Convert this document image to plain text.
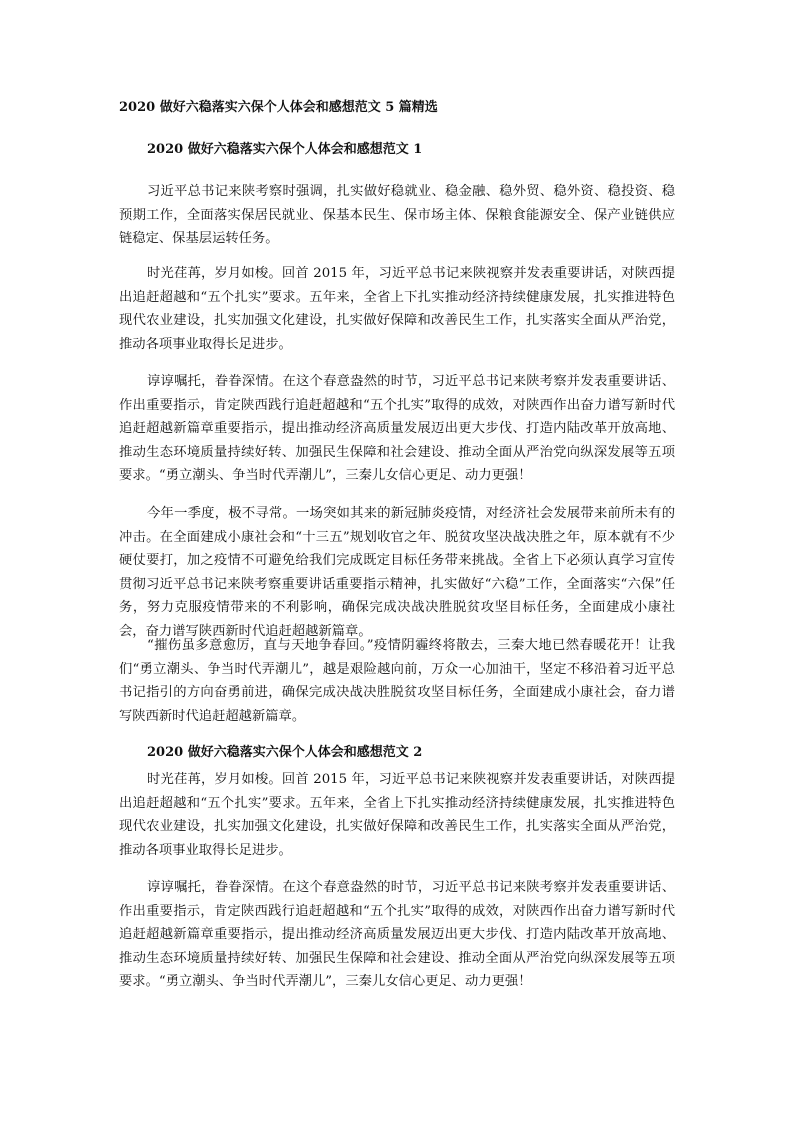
2020 做好六稳落实六保个人体会和感想范文 5 篇精选
2020 做好六稳落实六保个人体会和感想范文 1

习近平总书记来陕考察时强调，扎实做好稳就业、稳金融、稳外贸、稳外资、稳投资、稳预期工作，全面落实保居民就业、保基本民生、保市场主体、保粮食能源安全、保产业链供应链稳定、保基层运转任务。

时光荏苒，岁月如梭。回首 2015 年，习近平总书记来陕视察并发表重要讲话，对陕西提出追赶超越和“五个扎实”要求。五年来，全省上下扎实推动经济持续健康发展，扎实推进特色现代农业建设，扎实加强文化建设，扎实做好保障和改善民生工作，扎实落实全面从严治党，推动各项事业取得长足进步。

谆谆嘱托，眷眷深情。在这个春意盎然的时节，习近平总书记来陕考察并发表重要讲话、作出重要指示，肯定陕西践行追赶超越和“五个扎实”取得的成效，对陕西作出奋力谱写新时代追赶超越新篇章重要指示，提出推动经济高质量发展迈出更大步伐、打造内陆改革开放高地、推动生态环境质量持续好转、加强民生保障和社会建设、推动全面从严治党向纵深发展等五项要求。“勇立潮头、争当时代弄潮儿”，三秦儿女信心更足、动力更强！

今年一季度，极不寻常。一场突如其来的新冠肺炎疫情，对经济社会发展带来前所未有的冲击。在全面建成小康社会和“十三五”规划收官之年、脱贫攻坚决战决胜之年，原本就有不少硬仗要打，加之疫情不可避免给我们完成既定目标任务带来挑战。全省上下必须认真学习宣传贯彻习近平总书记来陕考察重要讲话重要指示精神，扎实做好“六稳”工作，全面落实“六保”任务，努力克服疫情带来的不利影响，确保完成决战决胜脱贫攻坚目标任务，全面建成小康社会，奋力谱写陕西新时代追赶超越新篇章。

“摧伤虽多意愈厉，直与天地争春回。”疫情阴霾终将散去，三秦大地已然春暖花开！让我们“勇立潮头、争当时代弄潮儿”，越是艰险越向前，万众一心加油干，坚定不移沿着习近平总书记指引的方向奋勇前进，确保完成决战决胜脱贫攻坚目标任务，全面建成小康社会，奋力谱写陕西新时代追赶超越新篇章。

2020 做好六稳落实六保个人体会和感想范文 2

时光荏苒，岁月如梭。回首 2015 年，习近平总书记来陕视察并发表重要讲话，对陕西提出追赶超越和“五个扎实”要求。五年来，全省上下扎实推动经济持续健康发展，扎实推进特色现代农业建设，扎实加强文化建设，扎实做好保障和改善民生工作，扎实落实全面从严治党，推动各项事业取得长足进步。

谆谆嘱托，眷眷深情。在这个春意盎然的时节，习近平总书记来陕考察并发表重要讲话、作出重要指示，肯定陕西践行追赶超越和“五个扎实”取得的成效，对陕西作出奋力谱写新时代追赶超越新篇章重要指示，提出推动经济高质量发展迈出更大步伐、打造内陆改革开放高地、推动生态环境质量持续好转、加强民生保障和社会建设、推动全面从严治党向纵深发展等五项要求。“勇立潮头、争当时代弄潮儿”，三秦儿女信心更足、动力更强！
